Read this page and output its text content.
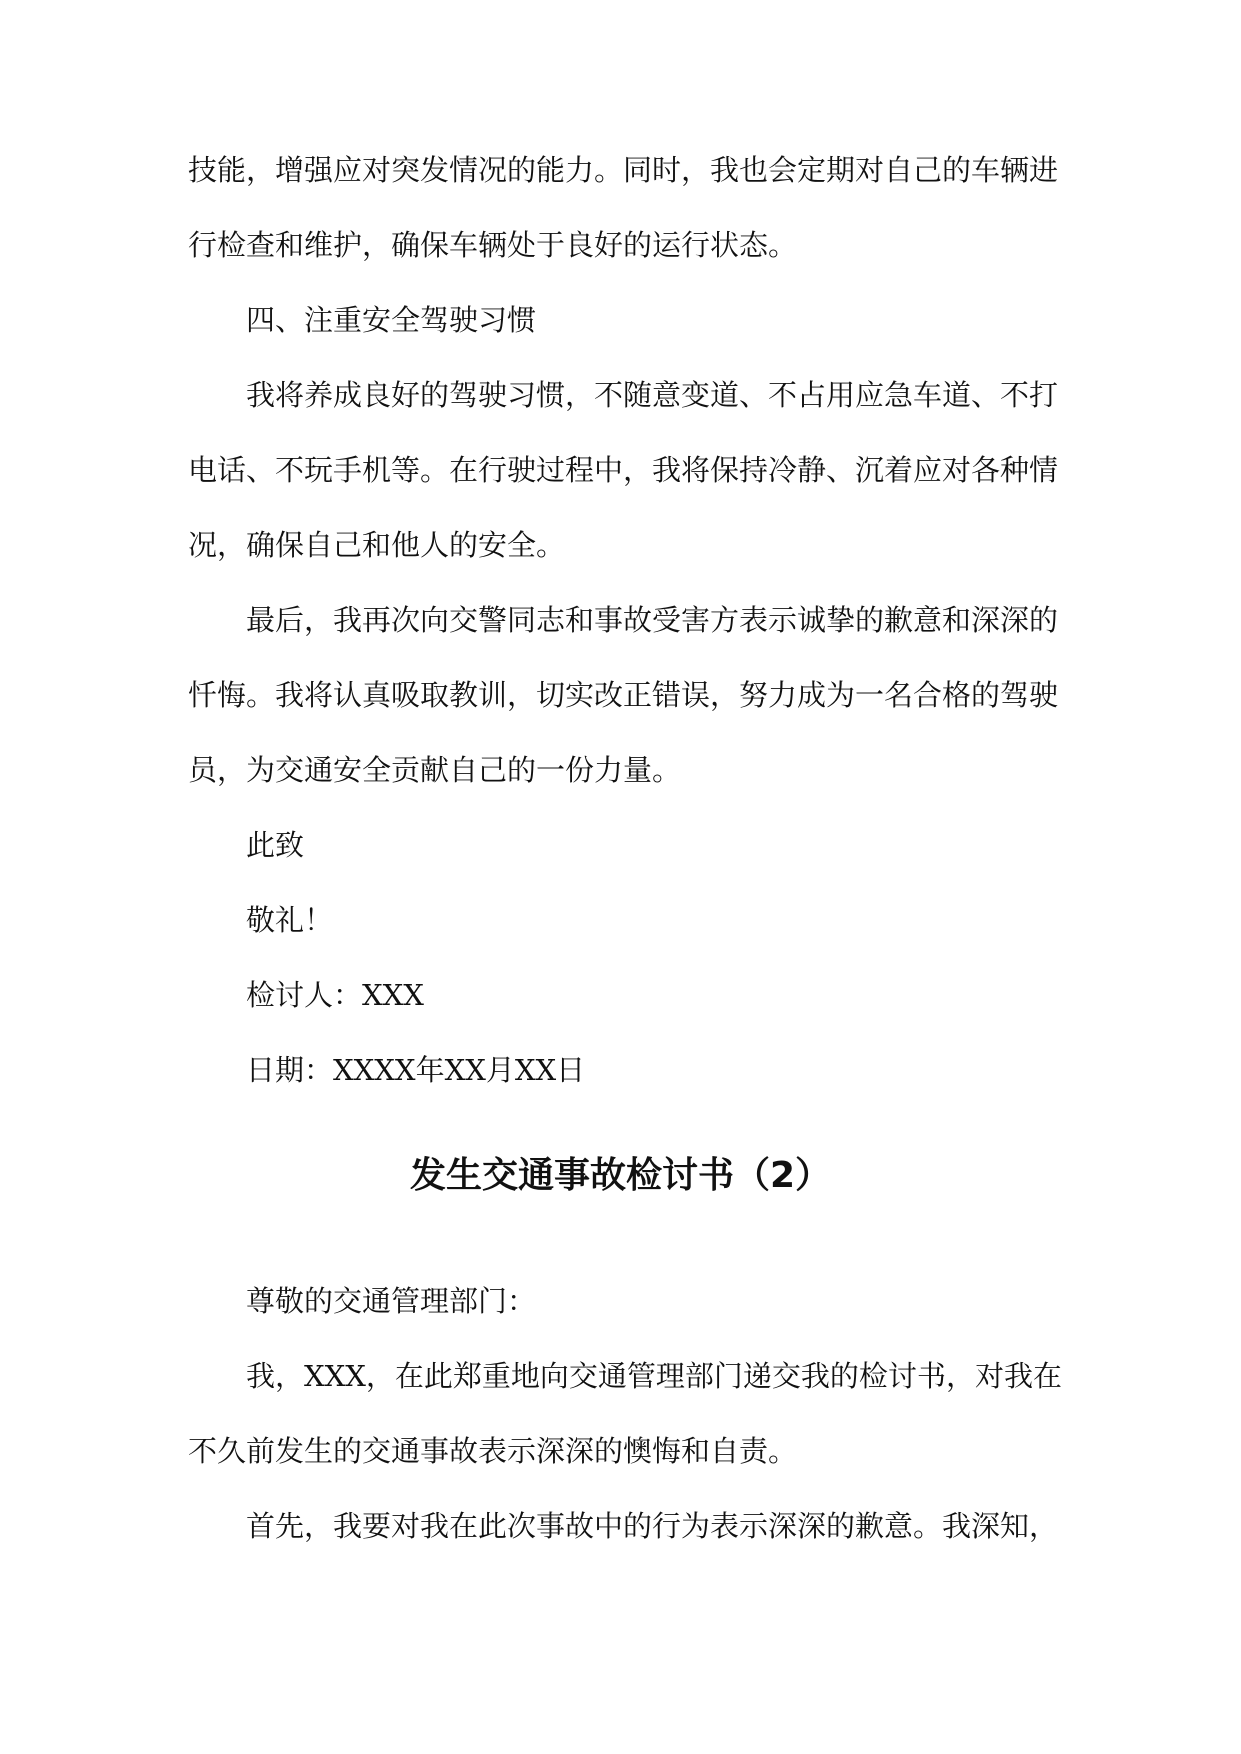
技能，增强应对突发情况的能力。同时，我也会定期对自己的车辆进
行检查和维护，确保车辆处于良好的运行状态。
四、注重安全驾驶习惯
我将养成良好的驾驶习惯，不随意变道、不占用应急车道、不打
电话、不玩手机等。在行驶过程中，我将保持冷静、沉着应对各种情
况，确保自己和他人的安全。
最后，我再次向交警同志和事故受害方表示诚挚的歉意和深深的
忏悔。我将认真吸取教训，切实改正错误，努力成为一名合格的驾驶
员，为交通安全贡献自己的一份力量。
此致
敬礼！
检讨人：XXX
日期：XXXX年XX月XX日
发生交通事故检讨书（2）
尊敬的交通管理部门：
我，XXX，在此郑重地向交通管理部门递交我的检讨书，对我在
不久前发生的交通事故表示深深的懊悔和自责。
首先，我要对我在此次事故中的行为表示深深的歉意。我深知，
